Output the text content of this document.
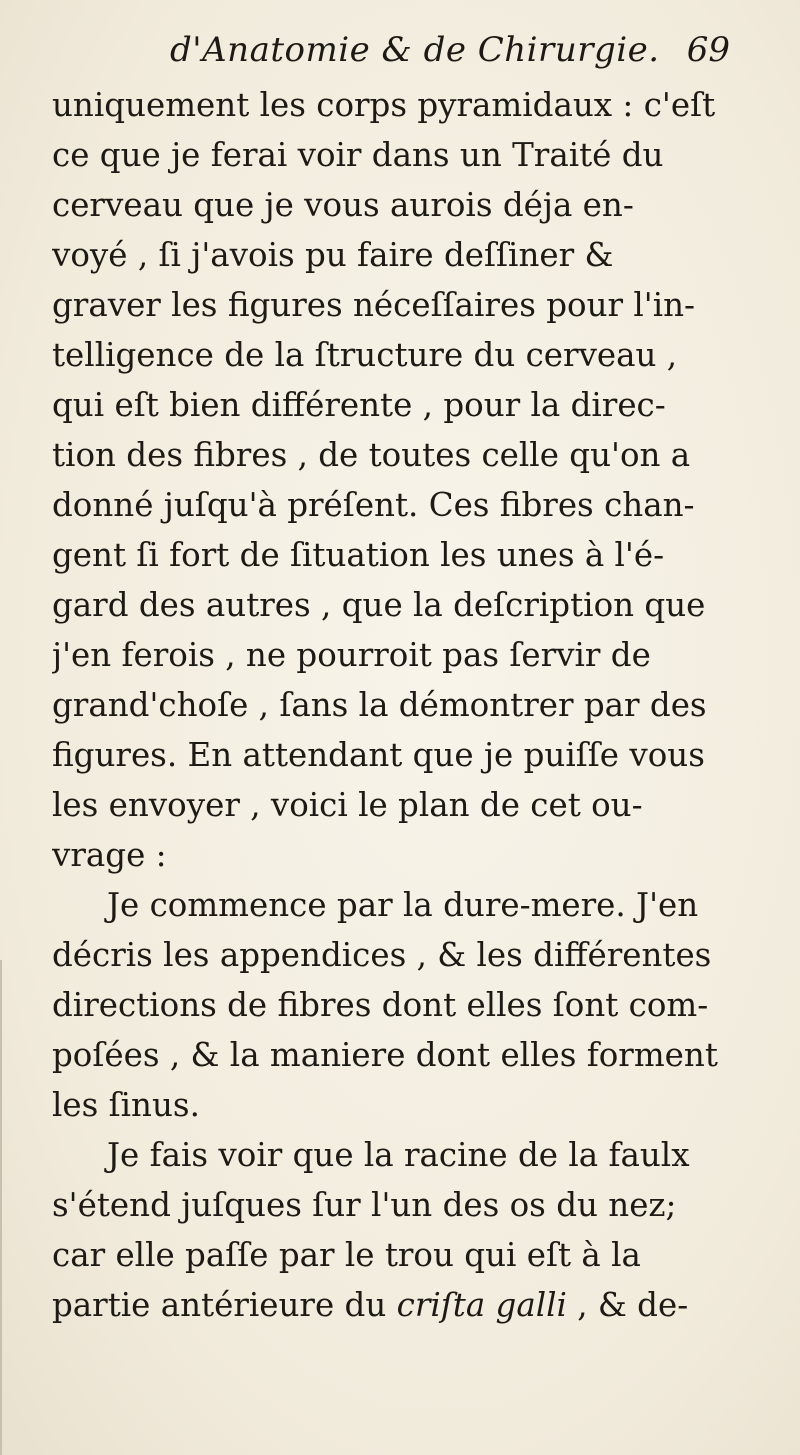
d'Anatomie & de Chirurgie. 69
uniquement les corps pyramidaux : c'eſt
ce que je ferai voir dans un Traité du
cerveau que je vous aurois déja en-
voyé , ſi j'avois pu faire deſſiner &
graver les figures néceſſaires pour l'in-
telligence de la ſtructure du cerveau ,
qui eſt bien différente , pour la direc-
tion des fibres , de toutes celle qu'on a
donné juſqu'à préſent. Ces fibres chan-
gent ſi fort de ſituation les unes à l'é-
gard des autres , que la deſcription que
j'en ferois , ne pourroit pas ſervir de
grand'choſe , ſans la démontrer par des
figures. En attendant que je puiſſe vous
les envoyer , voici le plan de cet ou-
vrage :
Je commence par la dure-mere. J'en
décris les appendices , & les différentes
directions de fibres dont elles ſont com-
poſées , & la maniere dont elles forment
les ſinus.
Je fais voir que la racine de la faulx
s'étend juſques ſur l'un des os du nez;
car elle paſſe par le trou qui eſt à la
partie antérieure du criſta galli , & de-
